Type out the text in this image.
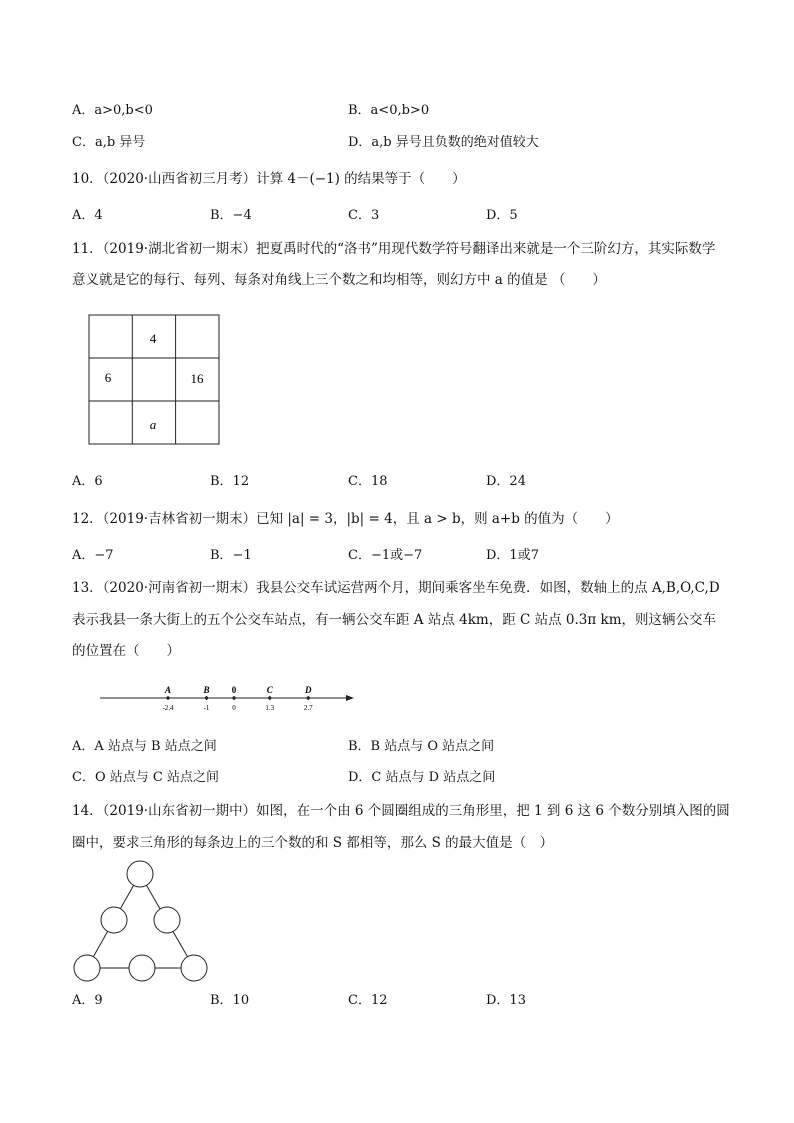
A．a>0,b<0	B．a<0,b>0
C．a,b 异号	D．a,b 异号且负数的绝对值较大
10．（2020·山西省初三月考）计算 4－(−1) 的结果等于（　　）
A．4	B．−4	C．3	D．5
11．（2019·湖北省初一期末）把夏禹时代的“洛书”用现代数学符号翻译出来就是一个三阶幻方，其实际数学
意义就是它的每行、每列、每条对角线上三个数之和均相等，则幻方中 a 的值是 （　　）
4
6	16
a
A．6	B．12	C．18	D．24
12．（2019·吉林省初一期末）已知 |a| = 3，|b| = 4，且 a > b，则 a+b 的值为（　　）
A．−7	B．−1	C．−1或−7	D．1或7
13．（2020·河南省初一期末）我县公交车试运营两个月，期间乘客坐车免费．如图，数轴上的点 A,B,O,C,D
表示我县一条大街上的五个公交车站点，有一辆公交车距 A 站点 4km，距 C 站点 0.3π km，则这辆公交车
的位置在（　　）
A
-2.4
B
-1
0
0
C
1.3
D
2.7
A．A 站点与 B 站点之间	B．B 站点与 O 站点之间
C．O 站点与 C 站点之间	D．C 站点与 D 站点之间
14．（2019·山东省初一期中）如图，在一个由 6 个圆圈组成的三角形里，把 1 到 6 这 6 个数分别填入图的圆
圈中，要求三角形的每条边上的三个数的和 S 都相等，那么 S 的最大值是（　）
A．9	B．10	C．12	D．13
